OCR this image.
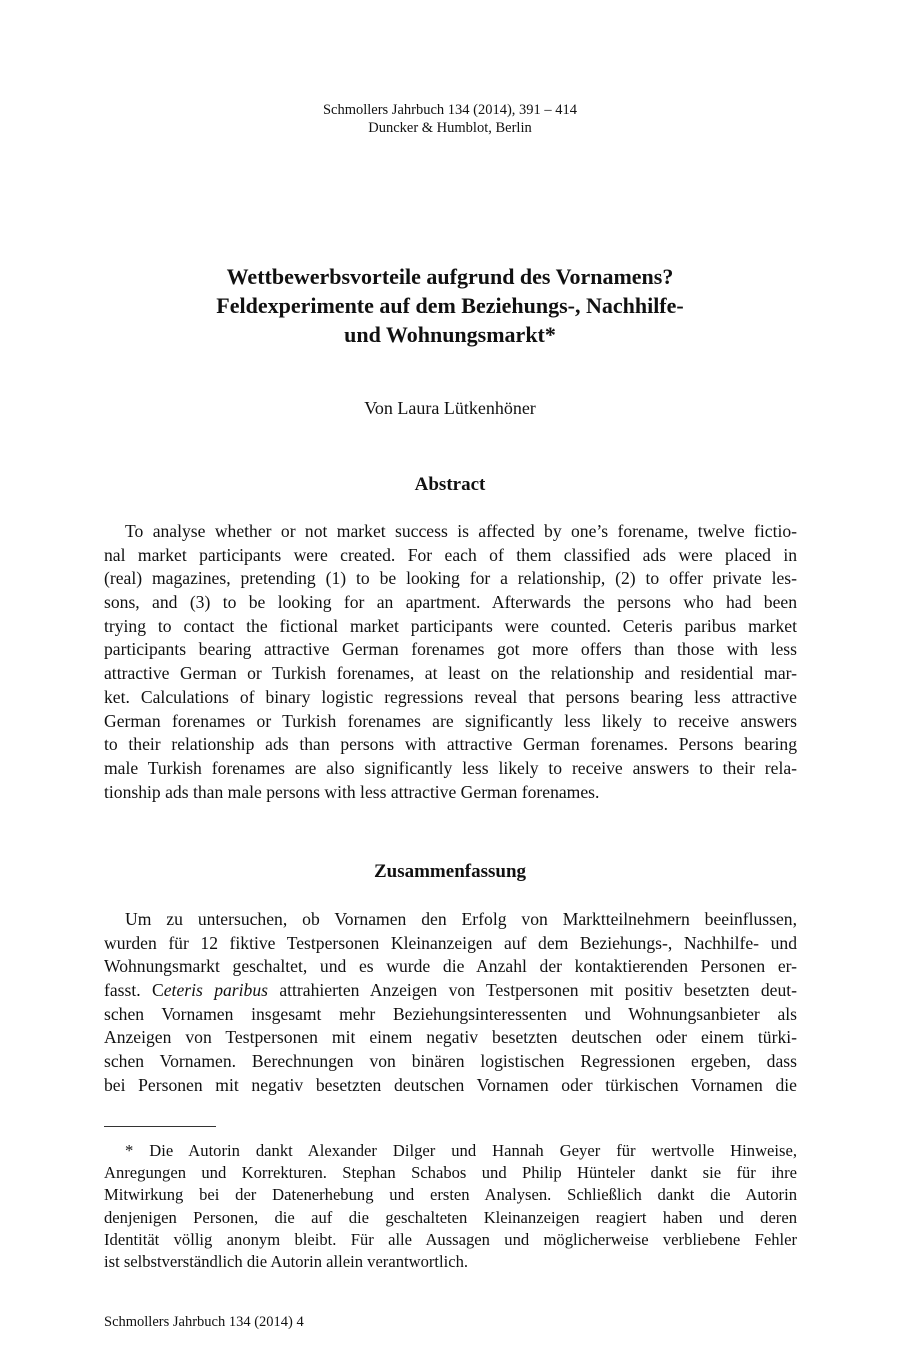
Schmollers Jahrbuch 134 (2014), 391 – 414
Duncker & Humblot, Berlin
Wettbewerbsvorteile aufgrund des Vornamens?
Feldexperimente auf dem Beziehungs-, Nachhilfe-
und Wohnungsmarkt*
Von Laura Lütkenhöner
Abstract
To analyse whether or not market success is affected by one’s forename, twelve fictio-
nal market participants were created. For each of them classified ads were placed in
(real) magazines, pretending (1) to be looking for a relationship, (2) to offer private les-
sons, and (3) to be looking for an apartment. Afterwards the persons who had been
trying to contact the fictional market participants were counted. Ceteris paribus market
participants bearing attractive German forenames got more offers than those with less
attractive German or Turkish forenames, at least on the relationship and residential mar-
ket. Calculations of binary logistic regressions reveal that persons bearing less attractive
German forenames or Turkish forenames are significantly less likely to receive answers
to their relationship ads than persons with attractive German forenames. Persons bearing
male Turkish forenames are also significantly less likely to receive answers to their rela-
tionship ads than male persons with less attractive German forenames.
Zusammenfassung
Um zu untersuchen, ob Vornamen den Erfolg von Marktteilnehmern beeinflussen,
wurden für 12 fiktive Testpersonen Kleinanzeigen auf dem Beziehungs-, Nachhilfe- und
Wohnungsmarkt geschaltet, und es wurde die Anzahl der kontaktierenden Personen er-
fasst. Ceteris paribus attrahierten Anzeigen von Testpersonen mit positiv besetzten deut-
schen Vornamen insgesamt mehr Beziehungsinteressenten und Wohnungsanbieter als
Anzeigen von Testpersonen mit einem negativ besetzten deutschen oder einem türki-
schen Vornamen. Berechnungen von binären logistischen Regressionen ergeben, dass
bei Personen mit negativ besetzten deutschen Vornamen oder türkischen Vornamen die
* Die Autorin dankt Alexander Dilger und Hannah Geyer für wertvolle Hinweise,
Anregungen und Korrekturen. Stephan Schabos und Philip Hünteler dankt sie für ihre
Mitwirkung bei der Datenerhebung und ersten Analysen. Schließlich dankt die Autorin
denjenigen Personen, die auf die geschalteten Kleinanzeigen reagiert haben und deren
Identität völlig anonym bleibt. Für alle Aussagen und möglicherweise verbliebene Fehler
ist selbstverständlich die Autorin allein verantwortlich.
Schmollers Jahrbuch 134 (2014) 4
